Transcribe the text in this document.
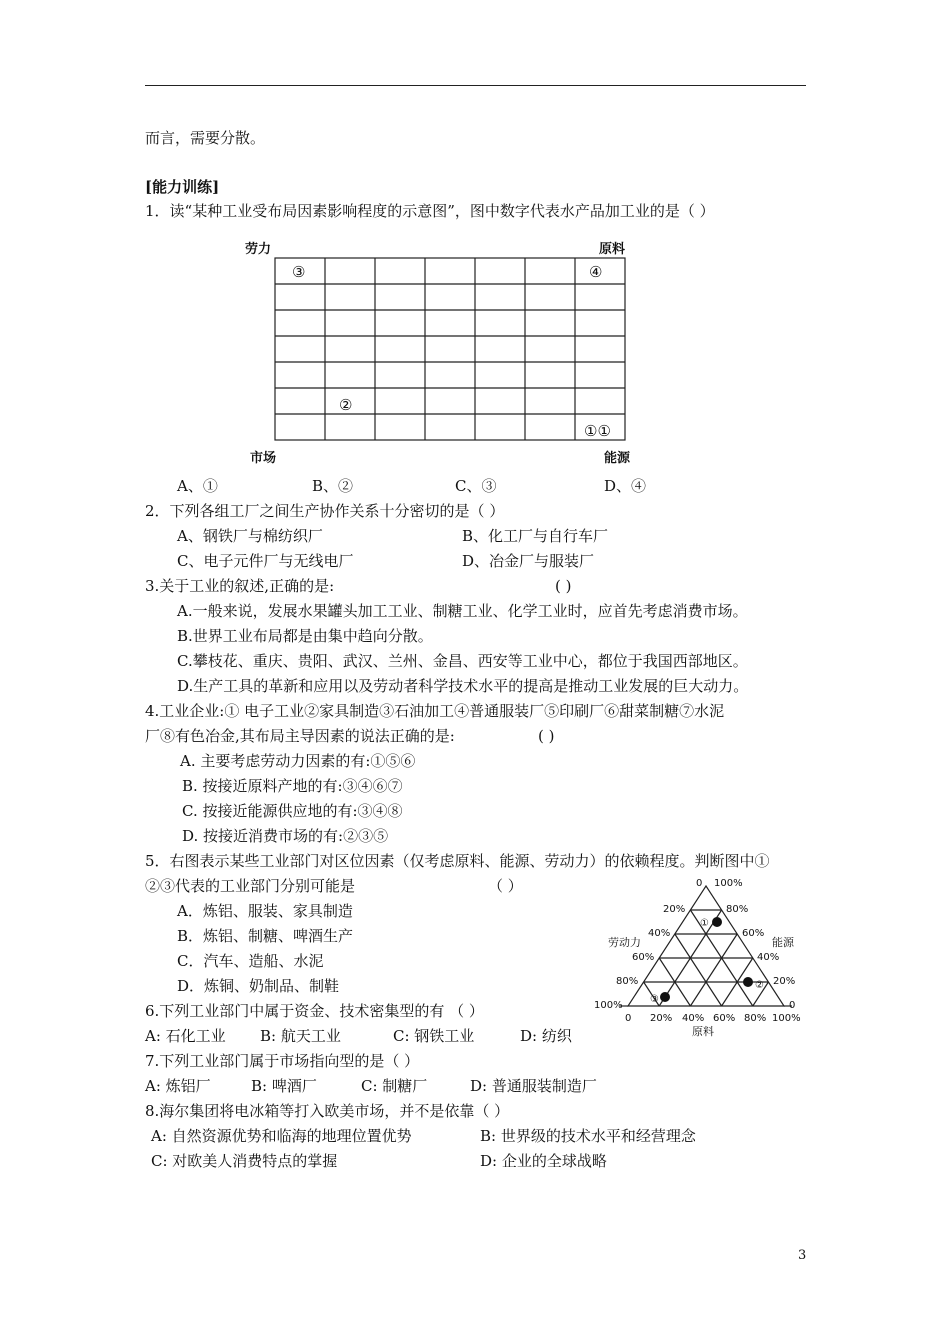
而言，需要分散。
[能力训练]
1．读“某种工业受布局因素影响程度的示意图”，图中数字代表水产品加工业的是（ ）
劳力	原料
市场	能源
③	④
②
①①
A、①	B、②	C、③	D、④
2．下列各组工厂之间生产协作关系十分密切的是（ ）
A、钢铁厂与棉纺织厂	B、化工厂与自行车厂
C、电子元件厂与无线电厂	D、冶金厂与服装厂
3.关于工业的叙述,正确的是:	( )
A.一般来说，发展水果罐头加工工业、制糖工业、化学工业时，应首先考虑消费市场。
B.世界工业布局都是由集中趋向分散。
C.攀枝花、重庆、贵阳、武汉、兰州、金昌、西安等工业中心，都位于我国西部地区。
D.生产工具的革新和应用以及劳动者科学技术水平的提高是推动工业发展的巨大动力。
4.工业企业:① 电子工业②家具制造③石油加工④普通服装厂⑤印刷厂⑥甜菜制糖⑦水泥
厂⑧有色冶金,其布局主导因素的说法正确的是:	( )
A. 主要考虑劳动力因素的有:①⑤⑥
B. 按接近原料产地的有:③④⑥⑦
C. 按接近能源供应地的有:③④⑧
D. 按接近消费市场的有:②③⑤
5．右图表示某些工业部门对区位因素（仅考虑原料、能源、劳动力）的依赖程度。判断图中①
②③代表的工业部门分别可能是	（ ）
A．炼铝、服装、家具制造
B．炼铝、制糖、啤酒生产
C．汽车、造船、水泥
D．炼铜、奶制品、制鞋
①
②
③
0
20%
40%
60%
80%
100%
100%
80%
60%
40%
20%
0
0 20% 40% 60% 80% 100%
劳动力	能源
原料
6.下列工业部门中属于资金、技术密集型的有 （ ）
A: 石化工业 B: 航天工业	C: 钢铁工业	D: 纺织
7.下列工业部门属于市场指向型的是（ ）
A: 炼铝厂	B: 啤酒厂	C: 制糖厂	D: 普通服装制造厂
8.海尔集团将电冰箱等打入欧美市场，并不是依靠（ ）
A: 自然资源优势和临海的地理位置优势	B: 世界级的技术水平和经营理念
C: 对欧美人消费特点的掌握	D: 企业的全球战略
3
